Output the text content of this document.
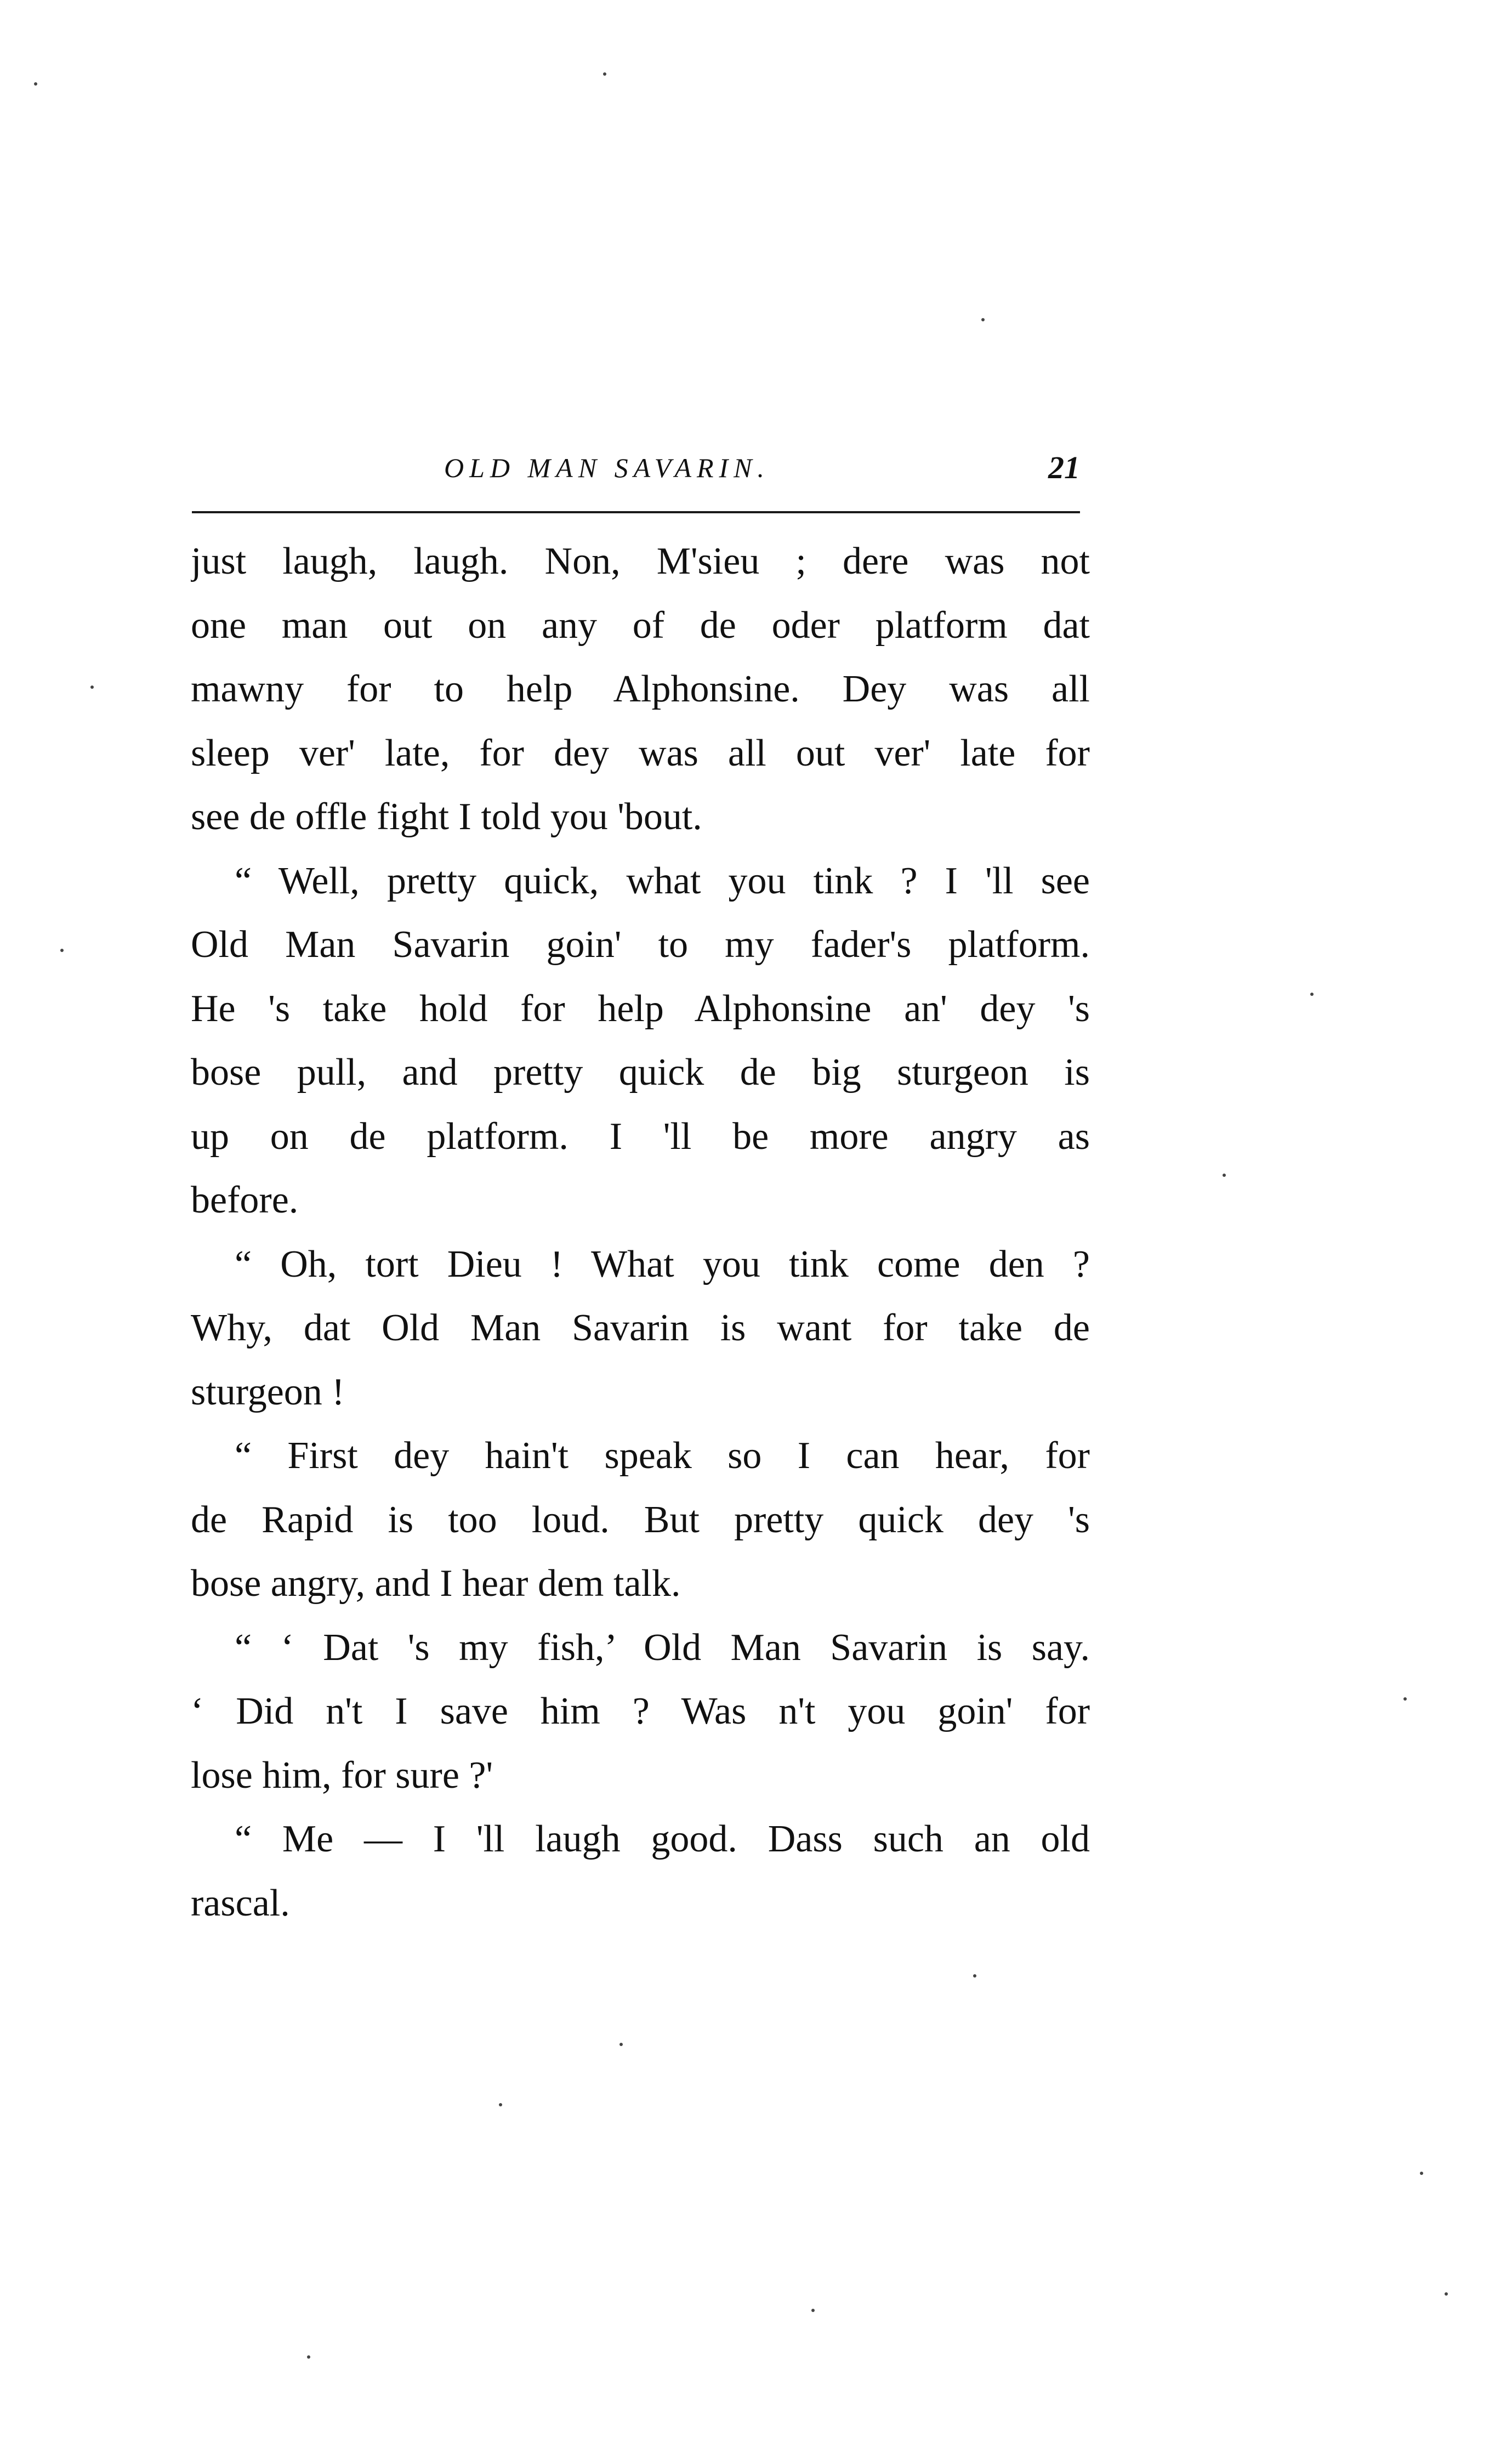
OLD MAN SAVARIN.	21
just laugh, laugh. Non, M'sieu ; dere was not
one man out on any of de oder platform dat
mawny for to help Alphonsine. Dey was all
sleep ver' late, for dey was all out ver' late for
see de offle fight I told you 'bout.
“ Well, pretty quick, what you tink ? I 'll see
Old Man Savarin goin' to my fader's platform.
He 's take hold for help Alphonsine an' dey 's
bose pull, and pretty quick de big sturgeon is
up on de platform. I 'll be more angry as
before.
“ Oh, tort Dieu ! What you tink come den ?
Why, dat Old Man Savarin is want for take de
sturgeon !
“ First dey hain't speak so I can hear, for
de Rapid is too loud. But pretty quick dey 's
bose angry, and I hear dem talk.
“ ‘ Dat 's my fish,’ Old Man Savarin is say.
‘ Did n't I save him ? Was n't you goin' for
lose him, for sure ?'
“ Me — I 'll laugh good. Dass such an old
rascal.
